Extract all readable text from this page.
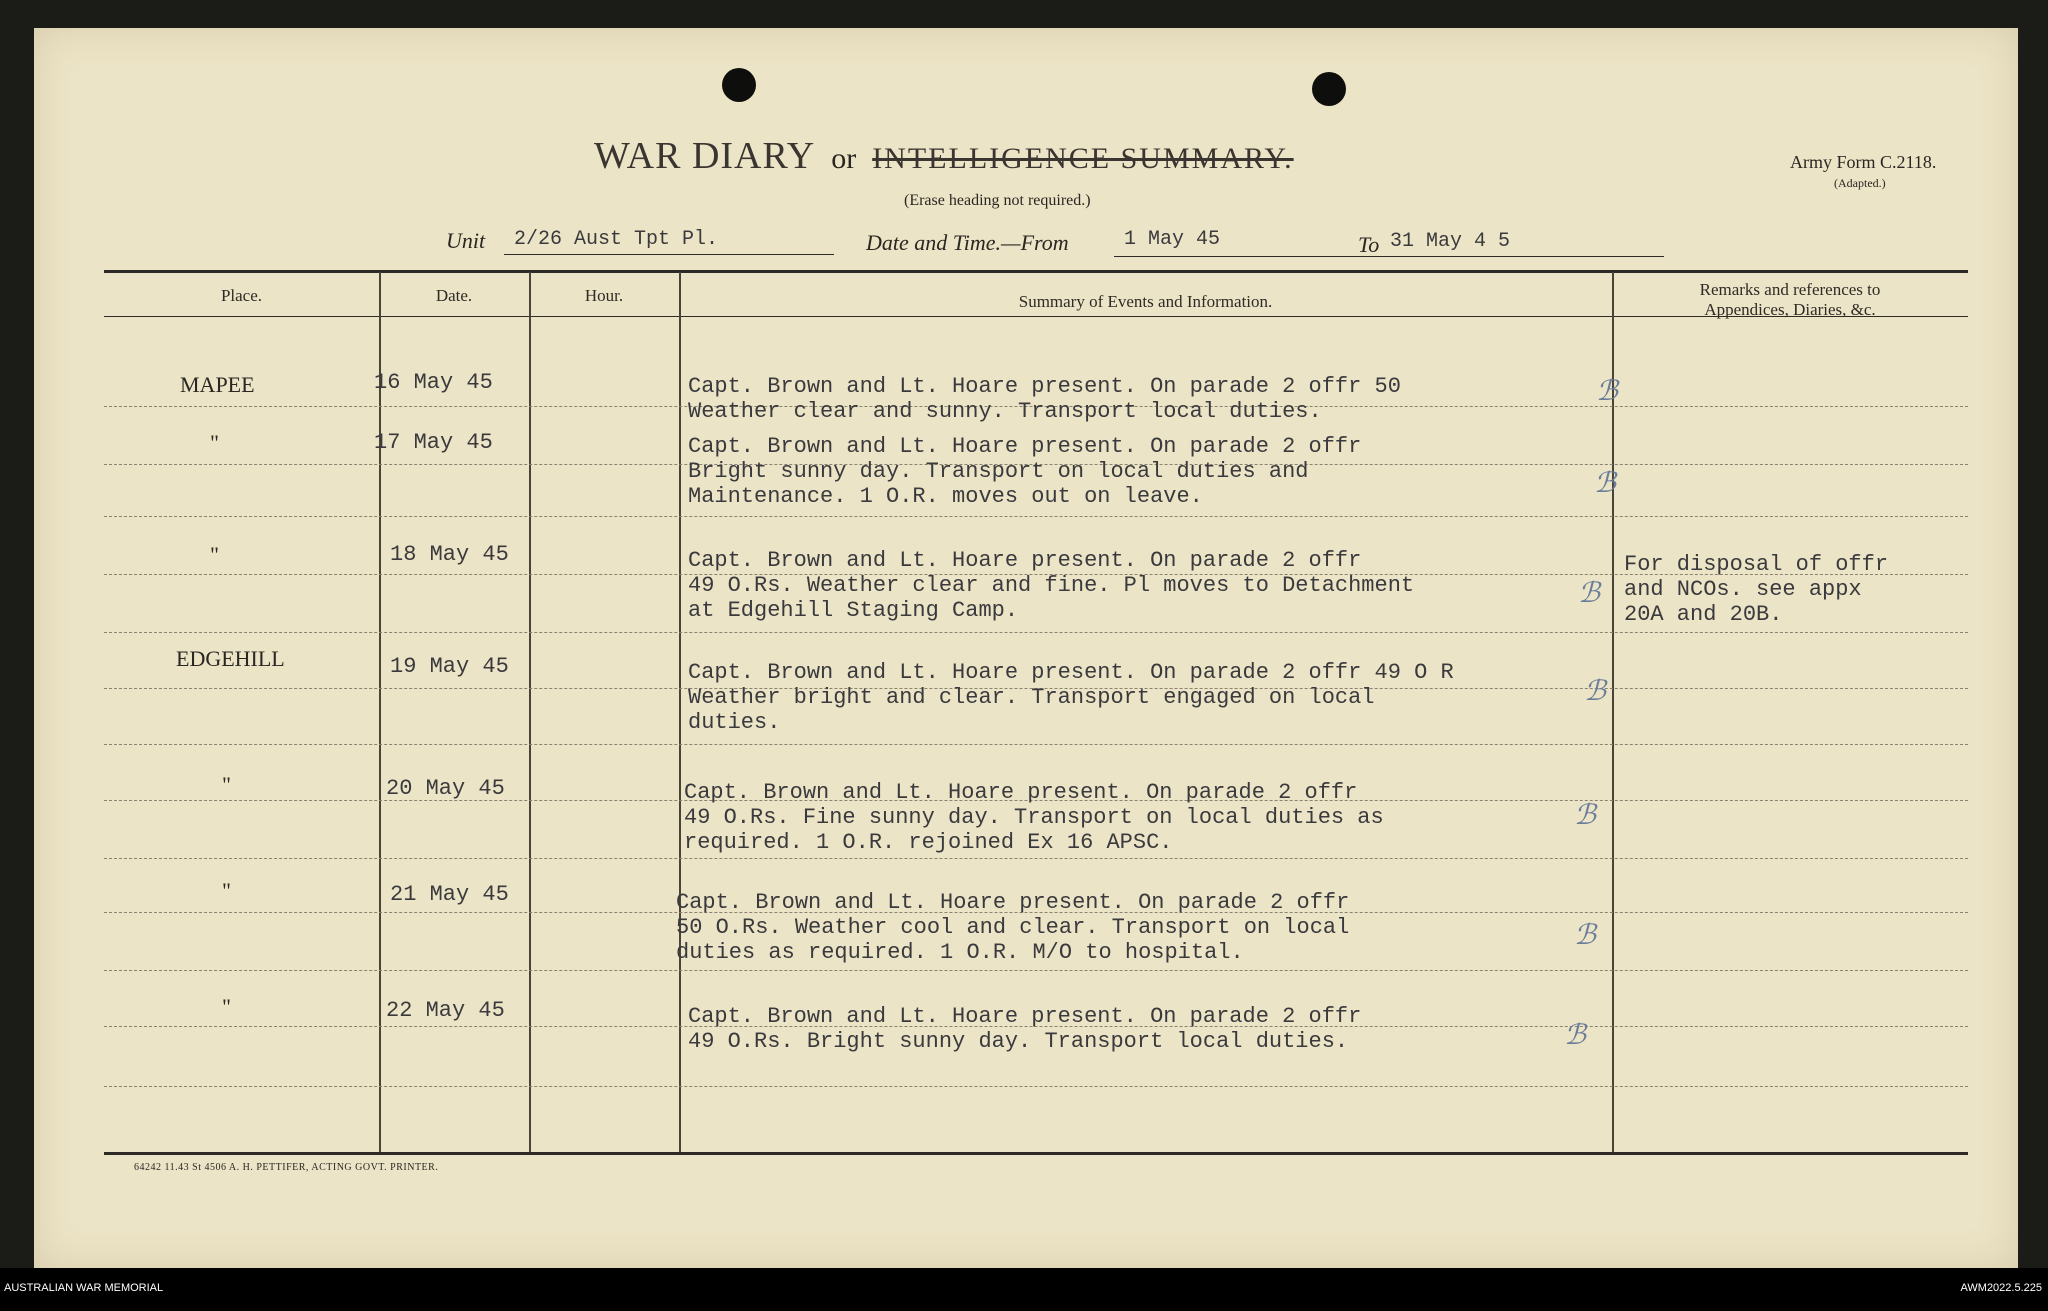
WAR DIARY or INTELLIGENCE SUMMARY.
(Erase heading not required.)
Army Form C.2118.
(Adapted.)
Unit 2/26 Aust Tpt Pl.	Date and Time.—From	1 May 45	To 31 May 4 5
Place.	Date.	Hour.	Summary of Events and Information.
Remarks and references to
Appendices, Diaries, &c.
MAPEE	16 May 45	Capt. Brown and Lt. Hoare present. On parade 2 offr 50
Weather clear and sunny. Transport local duties.
"	17 May 45	Capt. Brown and Lt. Hoare present. On parade 2 offr
Bright sunny day. Transport on local duties and
Maintenance. 1 O.R. moves out on leave.
"	18 May 45	Capt. Brown and Lt. Hoare present. On parade 2 offr
49 O.Rs. Weather clear and fine. Pl moves to Detachment
at Edgehill Staging Camp.
For disposal of offr
and NCOs. see appx
20A and 20B.
EDGEHILL	19 May 45	Capt. Brown and Lt. Hoare present. On parade 2 offr 49 O R
Weather bright and clear. Transport engaged on local
duties.
"	20 May 45	Capt. Brown and Lt. Hoare present. On parade 2 offr
49 O.Rs. Fine sunny day. Transport on local duties as
required. 1 O.R. rejoined Ex 16 APSC.
"	21 May 45	Capt. Brown and Lt. Hoare present. On parade 2 offr
50 O.Rs. Weather cool and clear. Transport on local
duties as required. 1 O.R. M/O to hospital.
"	22 May 45	Capt. Brown and Lt. Hoare present. On parade 2 offr
49 O.Rs. Bright sunny day. Transport local duties.
ℬ
ℬ
ℬ
ℬ
ℬ
ℬ
ℬ
64242 11.43 St 4506 A. H. PETTIFER, ACTING GOVT. PRINTER.
AUSTRALIAN WAR MEMORIAL	AWM2022.5.225
